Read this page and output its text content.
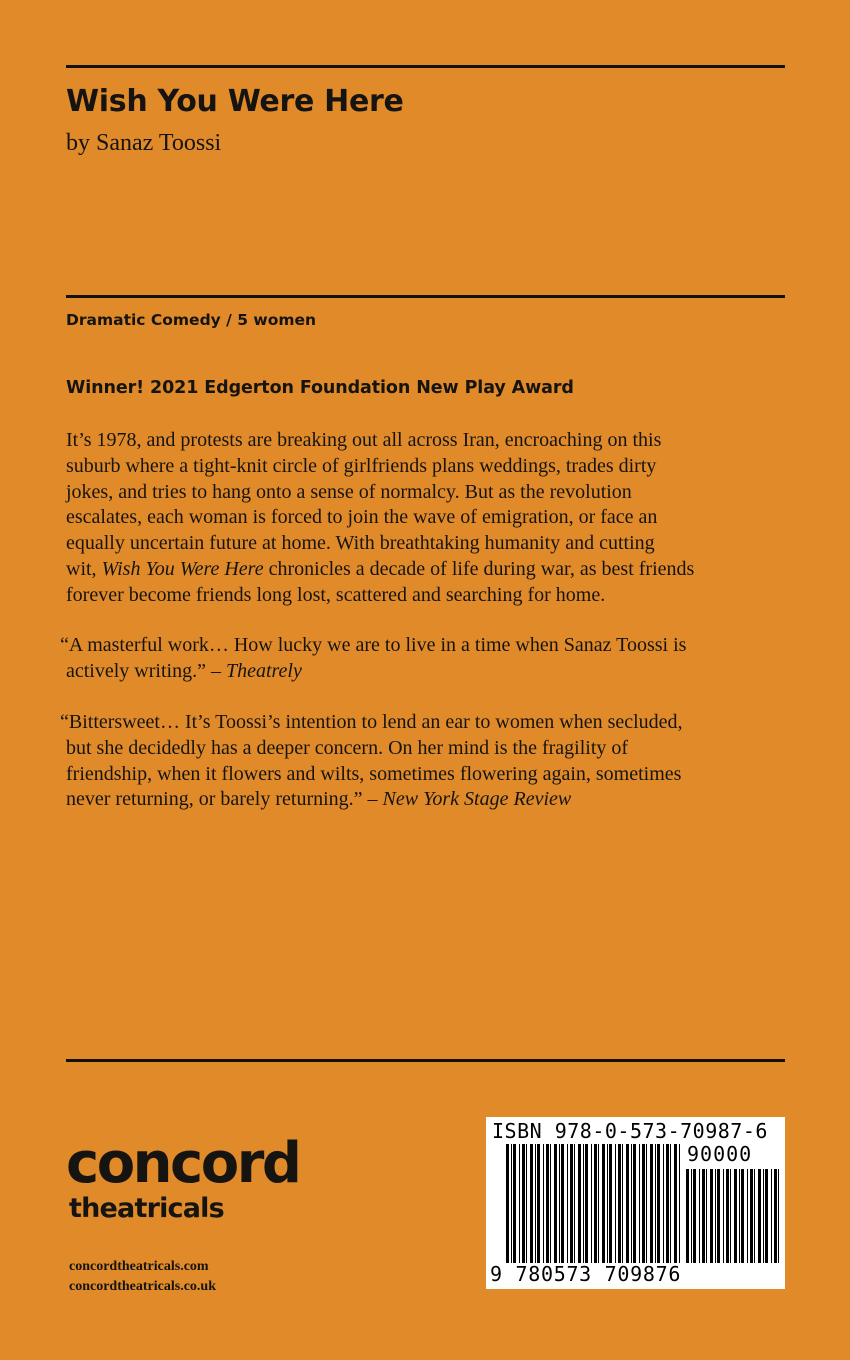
Wish You Were Here
by Sanaz Toossi
Dramatic Comedy / 5 women
Winner! 2021 Edgerton Foundation New Play Award
It’s 1978, and protests are breaking out all across Iran, encroaching on this
suburb where a tight-knit circle of girlfriends plans weddings, trades dirty
jokes, and tries to hang onto a sense of normalcy. But as the revolution
escalates, each woman is forced to join the wave of emigration, or face an
equally uncertain future at home. With breathtaking humanity and cutting
wit, Wish You Were Here chronicles a decade of life during war, as best friends
forever become friends long lost, scattered and searching for home.
“A masterful work… How lucky we are to live in a time when Sanaz Toossi is
actively writing.” – Theatrely
“Bittersweet… It’s Toossi’s intention to lend an ear to women when secluded,
but she decidedly has a deeper concern. On her mind is the fragility of
friendship, when it flowers and wilts, sometimes flowering again, sometimes
never returning, or barely returning.” – New York Stage Review
concord
theatricals
concordtheatricals.com
concordtheatricals.co.uk
ISBN 978-0-573-70987-6
90000
9 780573 709876
